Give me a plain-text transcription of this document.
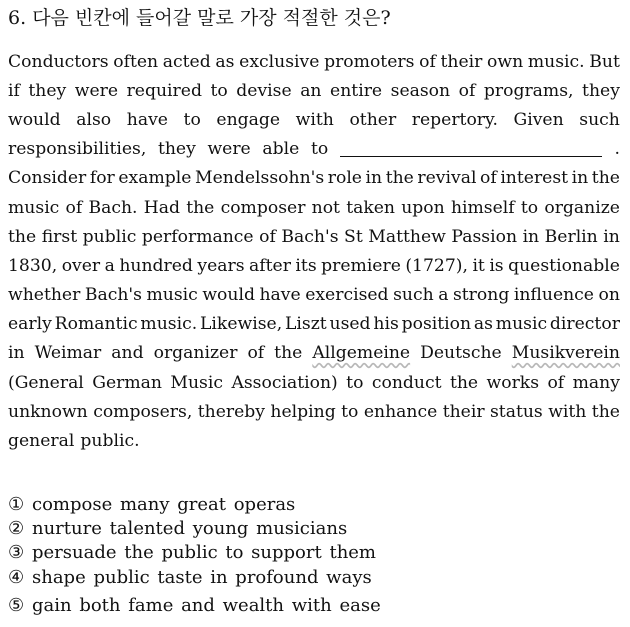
6. 다음 빈칸에 들어갈 말로 가장 적절한 것은?
Conductors often acted as exclusive promoters of their own music. But
if they were required to devise an entire season of programs, they
would also have to engage with other repertory. Given such
responsibilities, they were able to	.
Consider for example Mendelssohn's role in the revival of interest in the
music of Bach. Had the composer not taken upon himself to organize
the first public performance of Bach's St Matthew Passion in Berlin in
1830, over a hundred years after its premiere (1727), it is questionable
whether Bach's music would have exercised such a strong influence on
early Romantic music. Likewise, Liszt used his position as music director
in Weimar and organizer of the Allgemeine Deutsche Musikverein
(General German Music Association) to conduct the works of many
unknown composers, thereby helping to enhance their status with the
general public.
① compose many great operas
② nurture talented young musicians
③ persuade the public to support them
④ shape public taste in profound ways
⑤ gain both fame and wealth with ease
